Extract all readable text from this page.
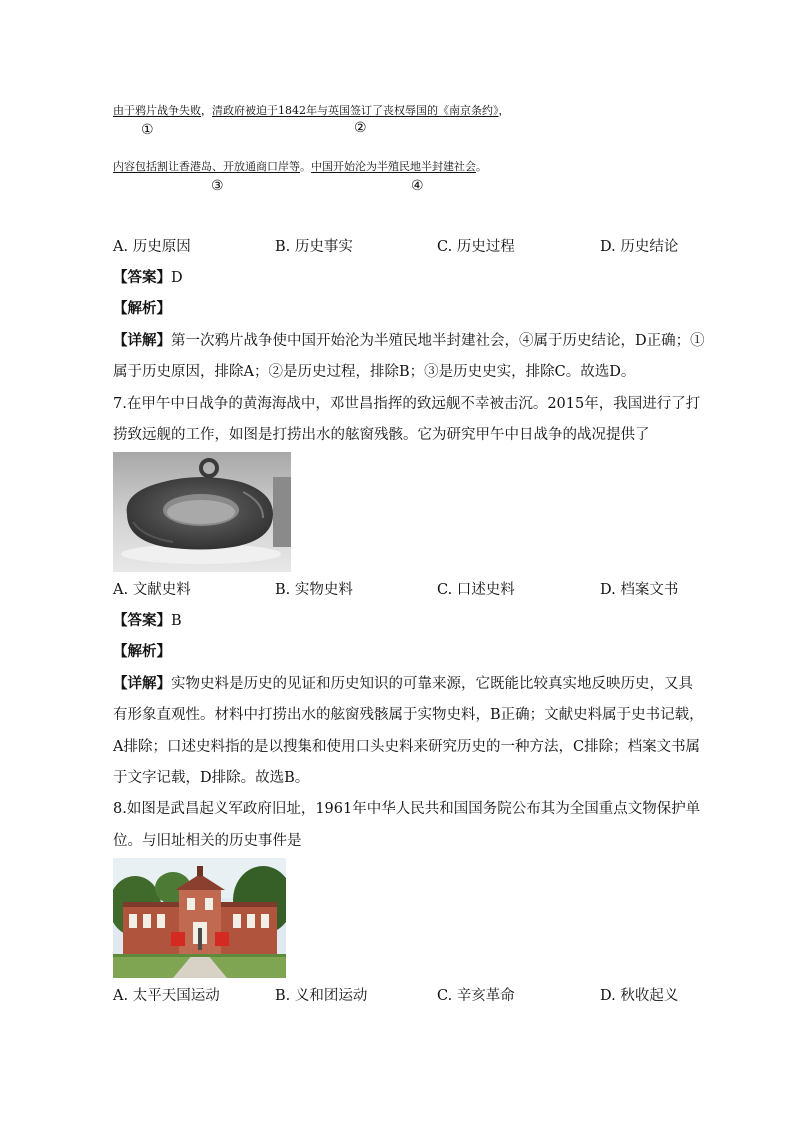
由于鸦片战争失败，清政府被迫于1842年与英国签订了丧权辱国的《南京条约》，
①	②
内容包括割让香港岛、开放通商口岸等。中国开始沦为半殖民地半封建社会。
③	④
A. 历史原因	B. 历史事实	C. 历史过程	D. 历史结论
【答案】D
【解析】
【详解】第一次鸦片战争使中国开始沦为半殖民地半封建社会，④属于历史结论，D正确；①
属于历史原因，排除A；②是历史过程，排除B；③是历史史实，排除C。故选D。
7.在甲午中日战争的黄海海战中，邓世昌指挥的致远舰不幸被击沉。2015年，我国进行了打
捞致远舰的工作，如图是打捞出水的舷窗残骸。它为研究甲午中日战争的战况提供了
A. 文献史料	B. 实物史料	C. 口述史料	D. 档案文书
【答案】B
【解析】
【详解】实物史料是历史的见证和历史知识的可靠来源，它既能比较真实地反映历史，又具
有形象直观性。材料中打捞出水的舷窗残骸属于实物史料，B正确；文献史料属于史书记载，
A排除；口述史料指的是以搜集和使用口头史料来研究历史的一种方法，C排除；档案文书属
于文字记载，D排除。故选B。
8.如图是武昌起义军政府旧址，1961年中华人民共和国国务院公布其为全国重点文物保护单
位。与旧址相关的历史事件是
A. 太平天国运动	B. 义和团运动	C. 辛亥革命	D. 秋收起义
